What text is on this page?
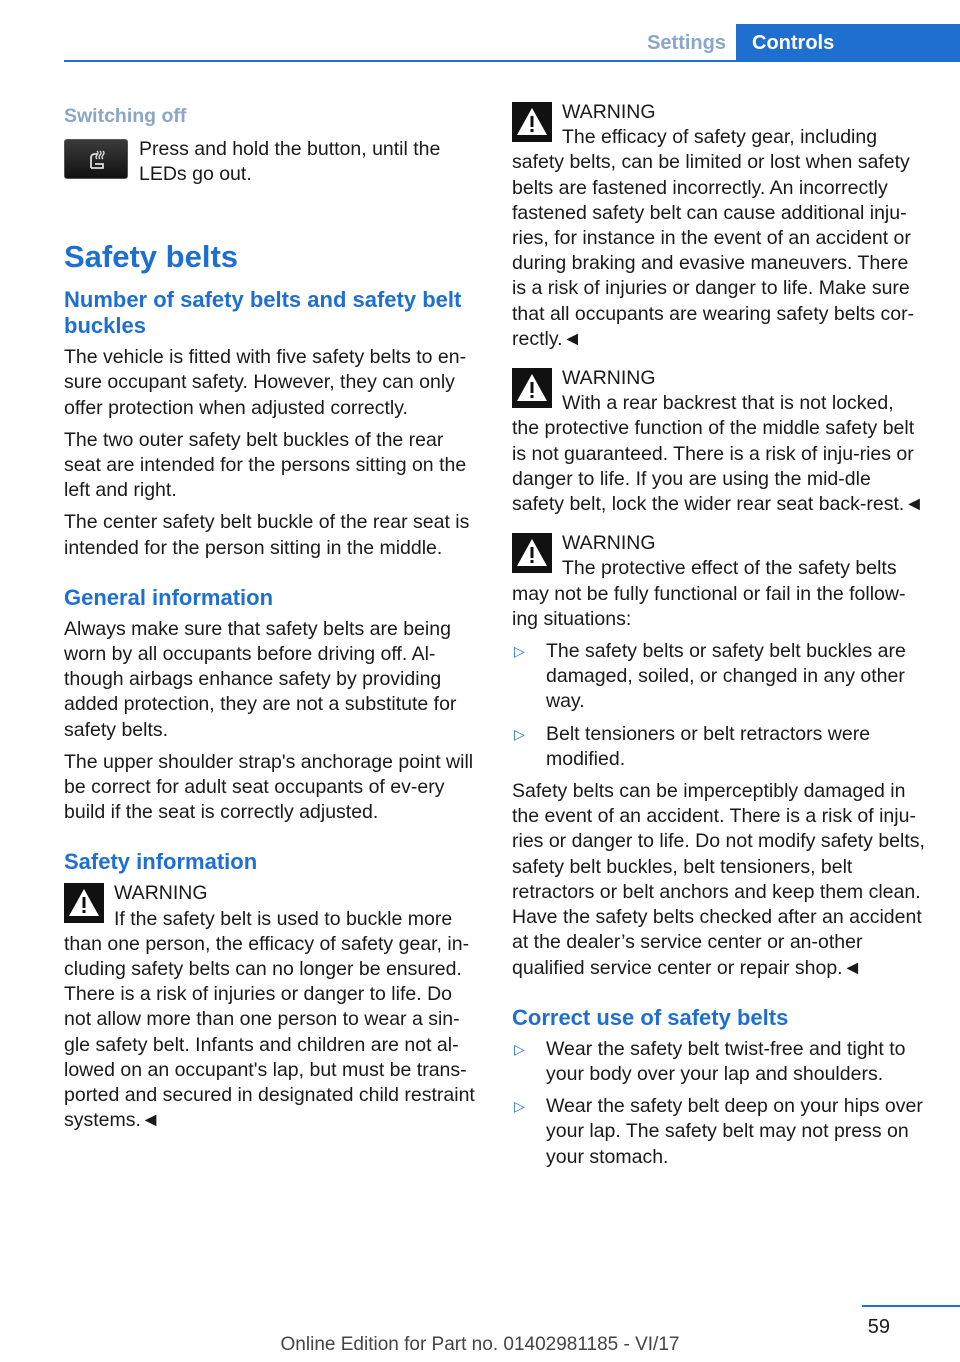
Settings	Controls
Switching off

Press and hold the button, until the LEDs go out.

Safety belts
Number of safety belts and safety belt buckles

The vehicle is fitted with five safety belts to en-sure occupant safety. However, they can only offer protection when adjusted correctly.

The two outer safety belt buckles of the rear seat are intended for the persons sitting on the left and right.

The center safety belt buckle of the rear seat is intended for the person sitting in the middle.

General information

Always make sure that safety belts are being worn by all occupants before driving off. Al-though airbags enhance safety by providing added protection, they are not a substitute for safety belts.

The upper shoulder strap's anchorage point will be correct for adult seat occupants of ev-ery build if the seat is correctly adjusted.

Safety information
WARNING
If the safety belt is used to buckle more than one person, the efficacy of safety gear, in-cluding safety belts can no longer be ensured. There is a risk of injuries or danger to life. Do not allow more than one person to wear a sin-gle safety belt. Infants and children are not al-lowed on an occupant's lap, but must be trans-ported and secured in designated child restraint systems.◄
WARNING
The efficacy of safety gear, including safety belts, can be limited or lost when safety belts are fastened incorrectly. An incorrectly fastened safety belt can cause additional inju-ries, for instance in the event of an accident or during braking and evasive maneuvers. There is a risk of injuries or danger to life. Make sure that all occupants are wearing safety belts cor-rectly.◄
WARNING
With a rear backrest that is not locked, the protective function of the middle safety belt is not guaranteed. There is a risk of inju-ries or danger to life. If you are using the mid-dle safety belt, lock the wider rear seat back-rest.◄
WARNING
The protective effect of the safety belts may not be fully functional or fail in the follow-ing situations:
▷ The safety belts or safety belt buckles are damaged, soiled, or changed in any other way.
▷ Belt tensioners or belt retractors were modified.

Safety belts can be imperceptibly damaged in the event of an accident. There is a risk of inju-ries or danger to life. Do not modify safety belts, safety belt buckles, belt tensioners, belt retractors or belt anchors and keep them clean. Have the safety belts checked after an accident at the dealer’s service center or an-other qualified service center or repair shop.◄

Correct use of safety belts
▷ Wear the safety belt twist-free and tight to your body over your lap and shoulders.
▷ Wear the safety belt deep on your hips over your lap. The safety belt may not press on your stomach.
59
Online Edition for Part no. 01402981185 - VI/17
